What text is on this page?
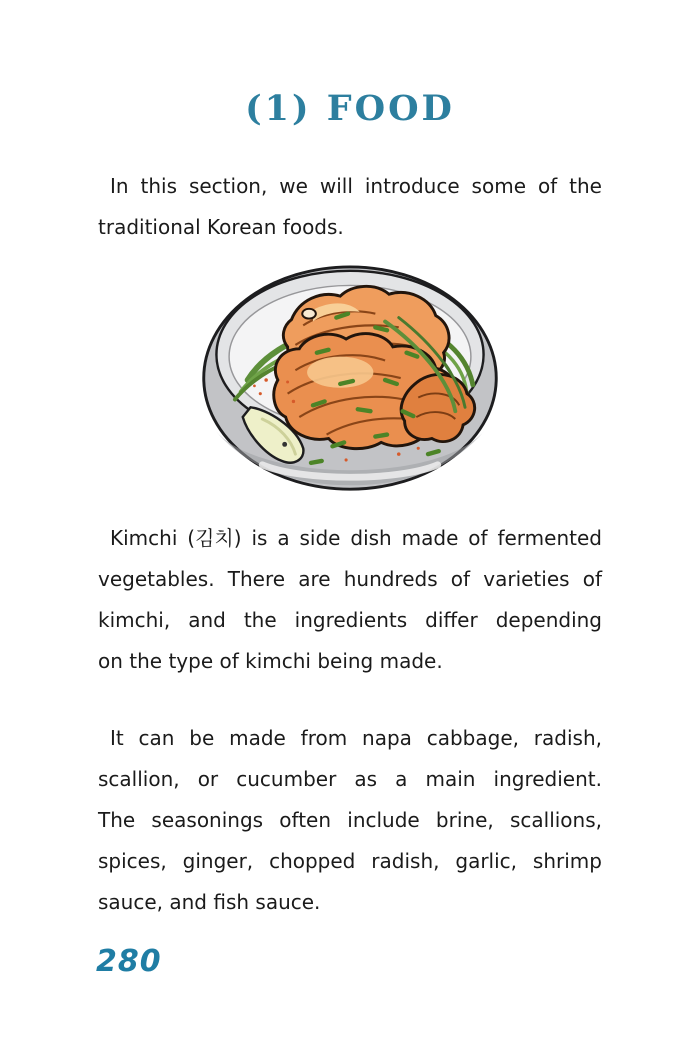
(1) FOOD
In this section, we will introduce some of the
traditional Korean foods.
Kimchi (김치) is a side dish made of fermented
vegetables. There are hundreds of varieties of
kimchi, and the ingredients differ depending
on the type of kimchi being made.
It can be made from napa cabbage, radish,
scallion, or cucumber as a main ingredient.
The seasonings often include brine, scallions,
spices, ginger, chopped radish, garlic, shrimp
sauce, and fish sauce.
280
